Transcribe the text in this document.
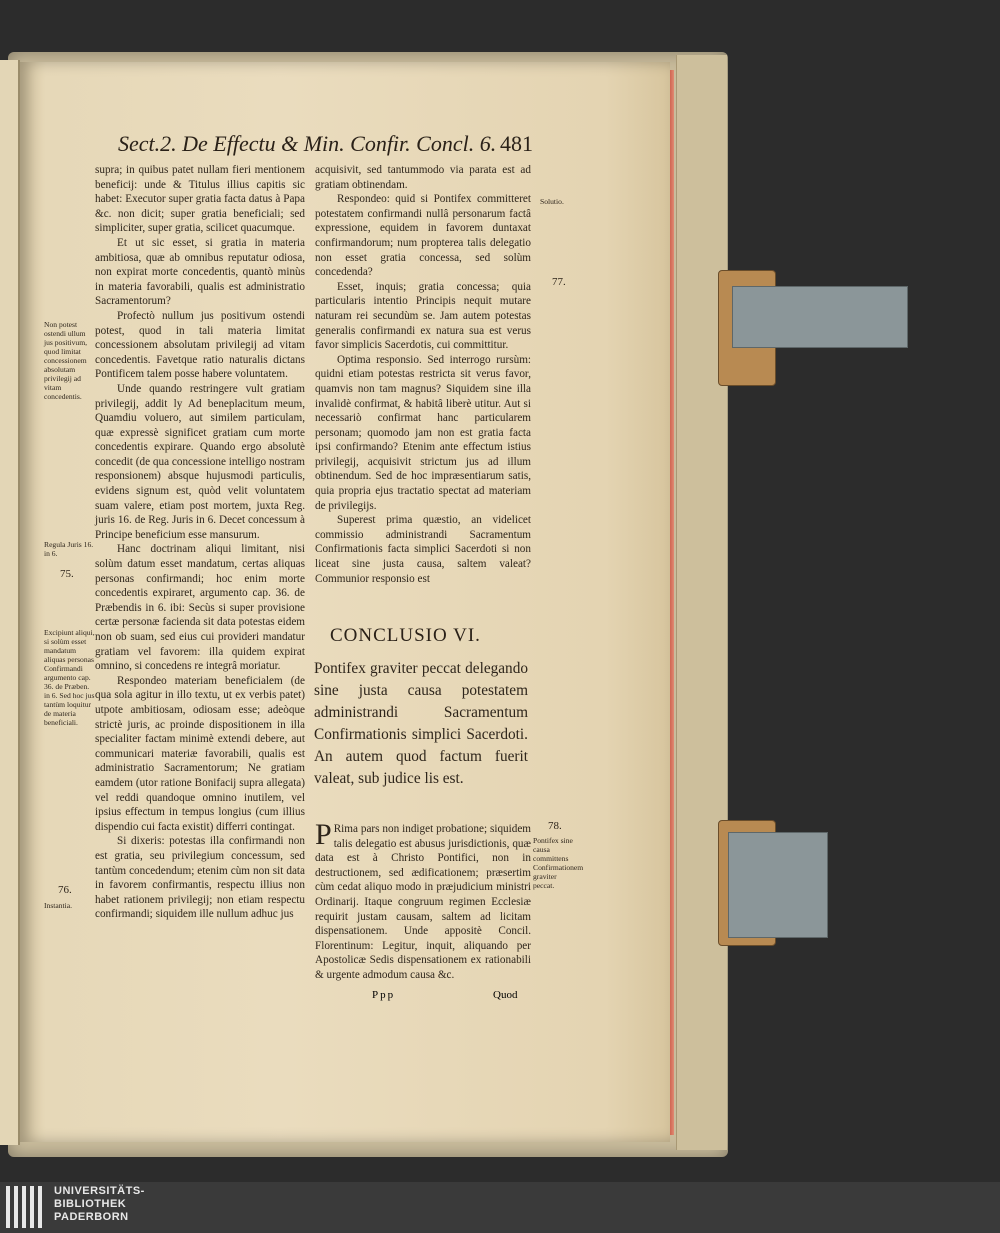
Sect.2. De Effectu & Min. Confir. Concl. 6. 481

supra; in quibus patet nullam fieri mentionem beneficij: unde & Titulus illius capitis sic habet: Executor super gratia facta datus à Papa &c. non dicit; super gratia beneficiali; sed simpliciter, super gratia, scilicet quacumque.

Et ut sic esset, si gratia in materia ambitiosa, quæ ab omnibus reputatur odiosa, non expirat morte concedentis, quantò minùs in materia favorabili, qualis est administratio Sacramentorum?

Profectò nullum jus positivum ostendi potest, quod in tali materia limitat concessionem absolutam privilegij ad vitam concedentis. Favetque ratio naturalis dictans Pontificem talem posse habere voluntatem.

Unde quando restringere vult gratiam privilegij, addit ly Ad beneplacitum meum, Quamdiu voluero, aut similem particulam, quæ expressè significet gratiam cum morte concedentis expirare. Quando ergo absolutè concedit (de qua concessione intelligo nostram responsionem) absque hujusmodi particulis, evidens signum est, quòd velit voluntatem suam valere, etiam post mortem, juxta Reg. juris 16. de Reg. Juris in 6. Decet concessum à Principe beneficium esse mansurum.

Hanc doctrinam aliqui limitant, nisi solùm datum esset mandatum, certas aliquas personas confirmandi; hoc enim morte concedentis expiraret, argumento cap. 36. de Præbendis in 6. ibi: Secùs si super provisione certæ personæ facienda sit data potestas eidem non ob suam, sed eius cui provideri mandatur gratiam vel favorem: illa quidem expirat omnino, si concedens re integrâ moriatur.

Respondeo materiam beneficialem (de qua sola agitur in illo textu, ut ex verbis patet) utpote ambitiosam, odiosam esse; adeòque strictè juris, ac proinde dispositionem in illa specialiter factam minimè extendi debere, aut communicari materiæ favorabili, qualis est administratio Sacramentorum; Ne gratiam eamdem (utor ratione Bonifacij supra allegata) vel reddi quandoque omnino inutilem, vel ipsius effectum in tempus longius (cum illius dispendio cui facta existit) differri contingat.

Si dixeris: potestas illa confirmandi non est gratia, seu privilegium concessum, sed tantùm concedendum; etenim cùm non sit data in favorem confirmantis, respectu illius non habet rationem privilegij; non etiam respectu confirmandi; siquidem ille nullum adhuc jus

Non potest ostendi ullum jus positivum, quod limitat concessionem absolutam privilegij ad vitam concedentis.
Regula Juris 16. in 6.
75.
Excipiunt aliqui, si solùm esset mandatum aliquas personas Confirmandi argumento cap. 36. de Præben. in 6. Sed hoc jus tantùm loquitur de materia beneficiali.
76.
Instantia.

acquisivit, sed tantummodo via parata est ad gratiam obtinendam.

Respondeo: quid si Pontifex committeret potestatem confirmandi nullâ personarum factâ expressione, equidem in favorem duntaxat confirmandorum; num propterea talis delegatio non esset gratia concessa, sed solùm concedenda?

Esset, inquis; gratia concessa; quia particularis intentio Principis nequit mutare naturam rei secundùm se. Jam autem potestas generalis confirmandi ex natura sua est verus favor simplicis Sacerdotis, cui committitur.

Optima responsio. Sed interrogo rursùm: quidni etiam potestas restricta sit verus favor, quamvis non tam magnus? Siquidem sine illa invalidè confirmat, & habitâ liberè utitur. Aut si necessariò confirmat hanc particularem personam; quomodo jam non est gratia facta ipsi confirmando? Etenim ante effectum istius privilegij, acquisivit strictum jus ad illum obtinendum. Sed de hoc impræsentiarum satis, quia propria ejus tractatio spectat ad materiam de privilegijs.

Superest prima quæstio, an videlicet commissio administrandi Sacramentum Confirmationis facta simplici Sacerdoti si non liceat sine justa causa, saltem valeat? Communior responsio est

Solutio.
77.
CONCLUSIO VI.
Pontifex graviter peccat delegando sine justa causa potestatem administrandi Sacramentum Confirmationis simplici Sacerdoti. An autem quod factum fuerit valeat, sub judice lis est.

P Rima pars non indiget probatione; siquidem talis delegatio est abusus jurisdictionis, quæ data est à Christo Pontifici, non in destructionem, sed ædificationem; præsertim cùm cedat aliquo modo in præjudicium ministri Ordinarij. Itaque congruum regimen Ecclesiæ requirit justam causam, saltem ad licitam dispensationem. Unde appositè Concil. Florentinum: Legitur, inquit, aliquando per Apostolicæ Sedis dispensationem ex rationabili & urgente admodum causa &c.

78.
Pontifex sine causa committens Confirmationem graviter peccat.
Ppp	Quod
UNIVERSITÄTS-
BIBLIOTHEK
PADERBORN
